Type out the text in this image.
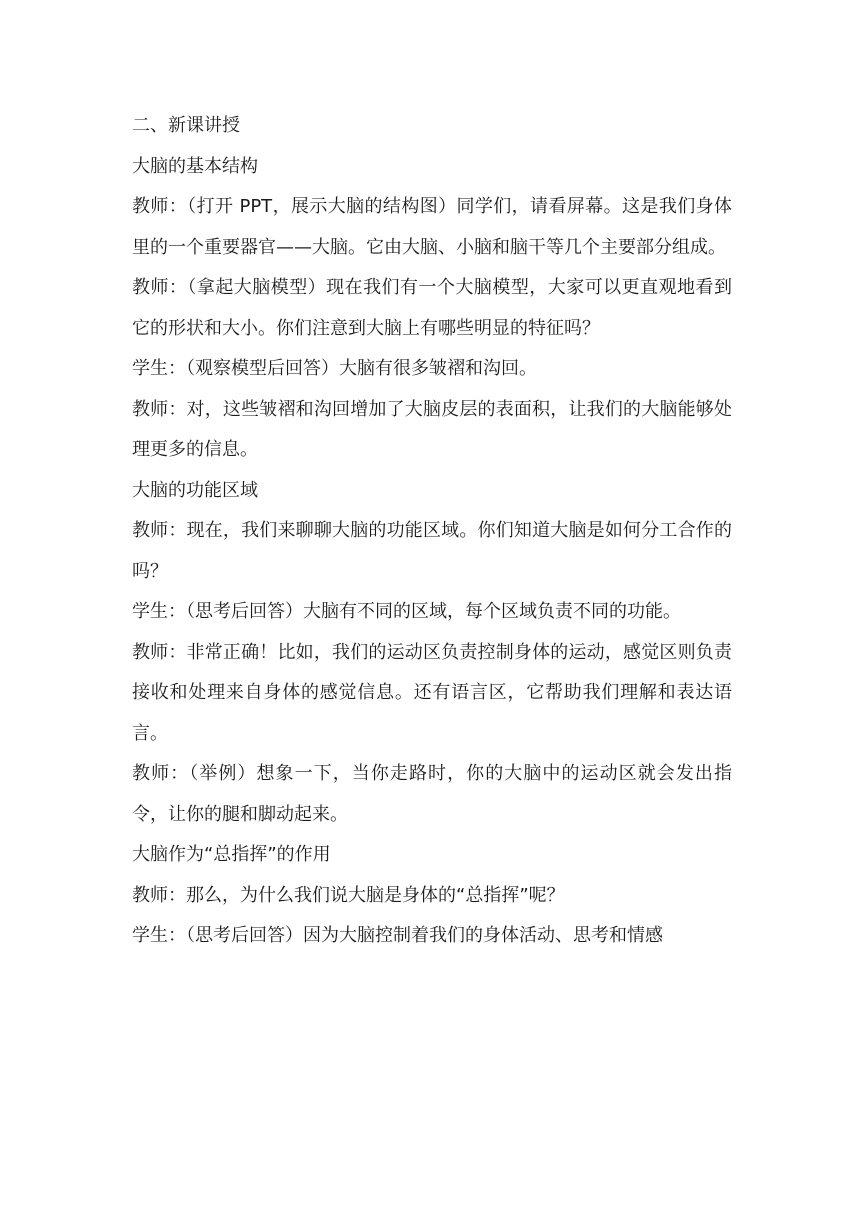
二、新课讲授

大脑的基本结构

教师：（打开 PPT，展示大脑的结构图）同学们，请看屏幕。这是我们身体里的一个重要器官——大脑。它由大脑、小脑和脑干等几个主要部分组成。

教师：（拿起大脑模型）现在我们有一个大脑模型，大家可以更直观地看到它的形状和大小。你们注意到大脑上有哪些明显的特征吗？

学生：（观察模型后回答）大脑有很多皱褶和沟回。

教师：对，这些皱褶和沟回增加了大脑皮层的表面积，让我们的大脑能够处理更多的信息。

大脑的功能区域

教师：现在，我们来聊聊大脑的功能区域。你们知道大脑是如何分工合作的吗？

学生：（思考后回答）大脑有不同的区域，每个区域负责不同的功能。

教师：非常正确！比如，我们的运动区负责控制身体的运动，感觉区则负责接收和处理来自身体的感觉信息。还有语言区，它帮助我们理解和表达语言。

教师：（举例）想象一下，当你走路时，你的大脑中的运动区就会发出指令，让你的腿和脚动起来。

大脑作为“总指挥”的作用

教师：那么，为什么我们说大脑是身体的“总指挥”呢？

学生：（思考后回答）因为大脑控制着我们的身体活动、思考和情感
